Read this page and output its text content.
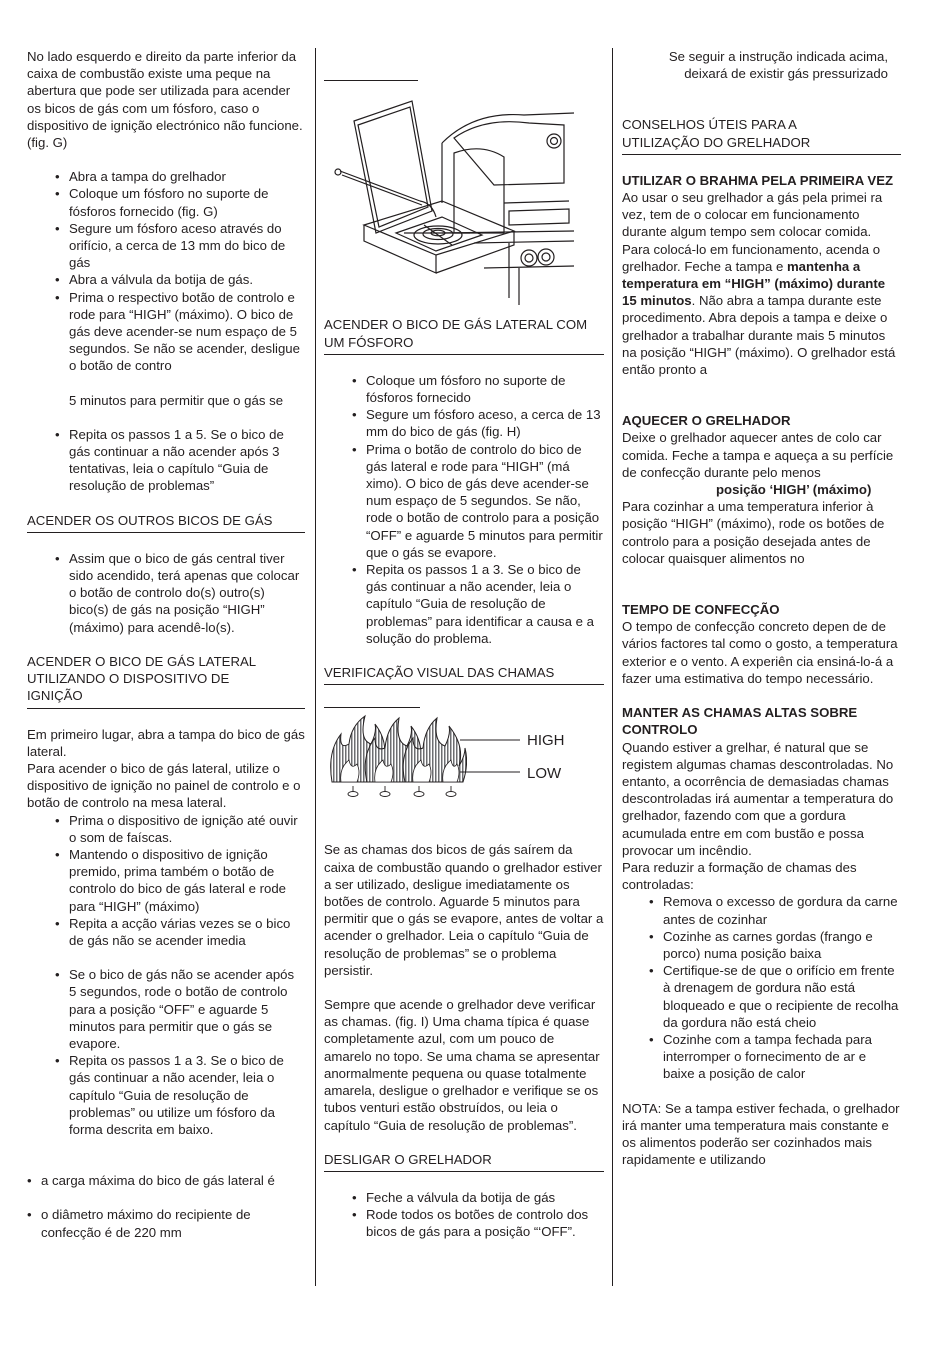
No lado esquerdo e direito da parte inferior da caixa de combustão existe uma peque na abertura que pode ser utilizada para acender os bicos de gás com um fósforo, caso o dispositivo de ignição electrónico não funcione. (fig. G)

• Abra a tampa do grelhador
• Coloque um fósforo no suporte de fósforos fornecido (fig. G)
• Segure um fósforo aceso através do orifício, a cerca de 13 mm do bico de gás
• Abra a válvula da botija de gás.
• Prima o respectivo botão de controlo e rode para “HIGH” (máximo). O bico de gás deve acender-se num espaço de 5 segundos. Se não se acender, desligue o botão de contro

5 minutos para permitir que o gás se

• Repita os passos 1 a 5. Se o bico de gás continuar a não acender após 3 tentativas, leia o capítulo “Guia de resolução de problemas”

ACENDER OS OUTROS BICOS DE GÁS

• Assim que o bico de gás central tiver sido acendido, terá apenas que colocar o botão de controlo do(s) outro(s) bico(s) de gás na posição “HIGH” (máximo) para acendê-lo(s).

ACENDER O BICO DE GÁS LATERAL UTILIZANDO O DISPOSITIVO DE IGNIÇÃO

Em primeiro lugar, abra a tampa do bico de gás lateral.

Para acender o bico de gás lateral, utilize o dispositivo de ignição no painel de controlo e o botão de controlo na mesa lateral.

• Prima o dispositivo de ignição até ouvir o som de faíscas.
• Mantendo o dispositivo de ignição premido, prima também o botão de controlo do bico de gás lateral e rode para “HIGH” (máximo)
• Repita a acção várias vezes se o bico de gás não se acender imedia
• Se o bico de gás não se acender após 5 segundos, rode o botão de controlo para a posição “OFF” e aguarde 5 minutos para permitir que o gás se evapore.
• Repita os passos 1 a 3. Se o bico de gás continuar a não acender, leia o capítulo “Guia de resolução de problemas” ou utilize um fósforo da forma descrita em baixo.
• a carga máxima do bico de gás lateral é
• o diâmetro máximo do recipiente de confecção é de 220 mm

ACENDER O BICO DE GÁS LATERAL COM UM FÓSFORO

• Coloque um fósforo no suporte de fósforos fornecido
• Segure um fósforo aceso, a cerca de 13 mm do bico de gás (fig. H)
• Prima o botão de controlo do bico de gás lateral e rode para “HIGH” (má ximo). O bico de gás deve acender-se num espaço de 5 segundos. Se não, rode o botão de controlo para a posição “OFF” e aguarde 5 minutos para permitir que o gás se evapore.
• Repita os passos 1 a 3. Se o bico de gás continuar a não acender, leia o capítulo “Guia de resolução de problemas” para identificar a causa e a solução do problema.

VERIFICAÇÃO VISUAL DAS CHAMAS

HIGH
LOW

Se as chamas dos bicos de gás saírem da caixa de combustão quando o grelhador estiver a ser utilizado, desligue imediatamente os botões de controlo. Aguarde 5 minutos para permitir que o gás se evapore, antes de voltar a acender o grelhador. Leia o capítulo “Guia de resolução de problemas” se o problema persistir.

Sempre que acende o grelhador deve verificar as chamas. (fig. I) Uma chama típica é quase completamente azul, com um pouco de amarelo no topo. Se uma chama se apresentar anormalmente pequena ou quase totalmente amarela, desligue o grelhador e verifique se os tubos venturi estão obstruídos, ou leia o capítulo “Guia de resolução de problemas”.

DESLIGAR O GRELHADOR

• Feche a válvula da botija de gás
• Rode todos os botões de controlo dos bicos de gás para a posição “‘OFF”.

Se seguir a instrução indicada acima, deixará de existir gás pressurizado

CONSELHOS ÚTEIS PARA A UTILIZAÇÃO DO GRELHADOR

UTILIZAR O BRAHMA PELA PRIMEIRA VEZ

Ao usar o seu grelhador a gás pela primei ra vez, tem de o colocar em funcionamento durante algum tempo sem colocar comida. Para colocá-lo em funcionamento, acenda o grelhador. Feche a tampa e mantenha a temperatura em “HIGH” (máximo) durante 15 minutos. Não abra a tampa durante este procedimento. Abra depois a tampa e deixe o grelhador a trabalhar durante mais 5 minutos na posição “HIGH” (máximo). O grelhador está então pronto a

AQUECER O GRELHADOR

Deixe o grelhador aquecer antes de colo car comida. Feche a tampa e aqueça a su perfície de confecção durante pelo menos

posição ‘HIGH’ (máximo)

Para cozinhar a uma temperatura inferior à posição “HIGH” (máximo), rode os botões de controlo para a posição desejada antes de colocar quaisquer alimentos no

TEMPO DE CONFECÇÃO

O tempo de confecção concreto depen de de vários factores tal como o gosto, a temperatura exterior e o vento. A experiên cia ensiná-lo-á a fazer uma estimativa do tempo necessário.

MANTER AS CHAMAS ALTAS SOBRE CONTROLO

Quando estiver a grelhar, é natural que se registem algumas chamas descontroladas. No entanto, a ocorrência de demasiadas chamas descontroladas irá aumentar a temperatura do grelhador, fazendo com que a gordura acumulada entre em com bustão e possa provocar um incêndio.

Para reduzir a formação de chamas des controladas:

• Remova o excesso de gordura da carne antes de cozinhar
• Cozinhe as carnes gordas (frango e porco) numa posição baixa
• Certifique-se de que o orifício em frente à drenagem de gordura não está bloqueado e que o recipiente de recolha da gordura não está cheio
• Cozinhe com a tampa fechada para interromper o fornecimento de ar e baixe a posição de calor

NOTA: Se a tampa estiver fechada, o grelhador irá manter uma temperatura mais constante e os alimentos poderão ser cozinhados mais rapidamente e utilizando
